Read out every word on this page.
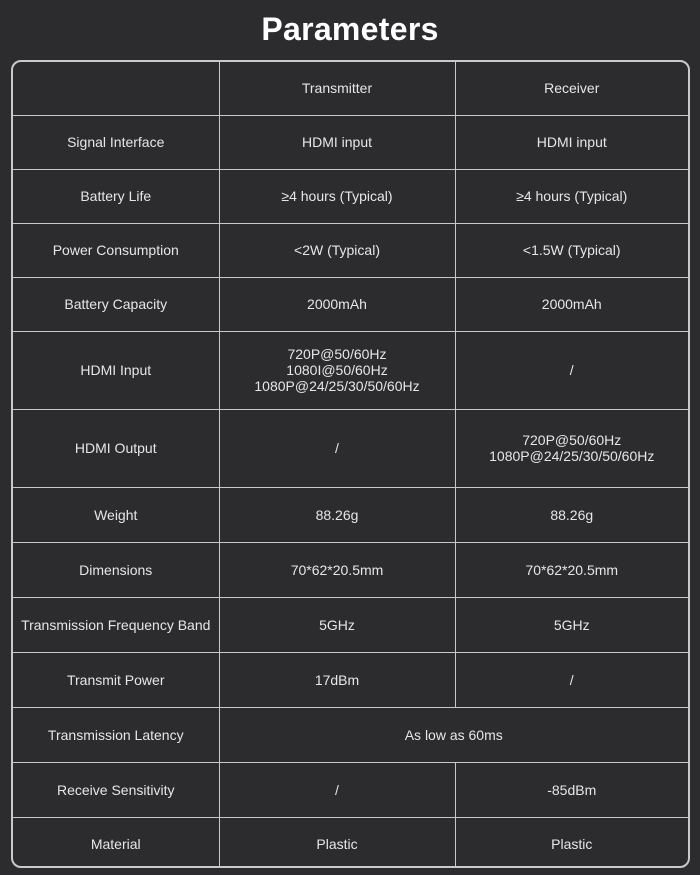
Parameters
	Transmitter	Receiver
Signal Interface	HDMI input	HDMI input

Battery Life	≥4 hours (Typical)	≥4 hours (Typical)

Power Consumption	<2W (Typical)	<1.5W (Typical)

Battery Capacity	2000mAh	2000mAh

HDMI Input	720P@50/60Hz
1080I@50/60Hz
1080P@24/25/30/50/60Hz	/

HDMI Output	/	720P@50/60Hz
1080P@24/25/30/50/60Hz

Weight	88.26g	88.26g

Dimensions	70*62*20.5mm	70*62*20.5mm

Transmission Frequency Band	5GHz	5GHz

Transmit Power	17dBm	/

Transmission Latency	As low as 60ms	

Receive Sensitivity	/	-85dBm

Material	Plastic	Plastic
